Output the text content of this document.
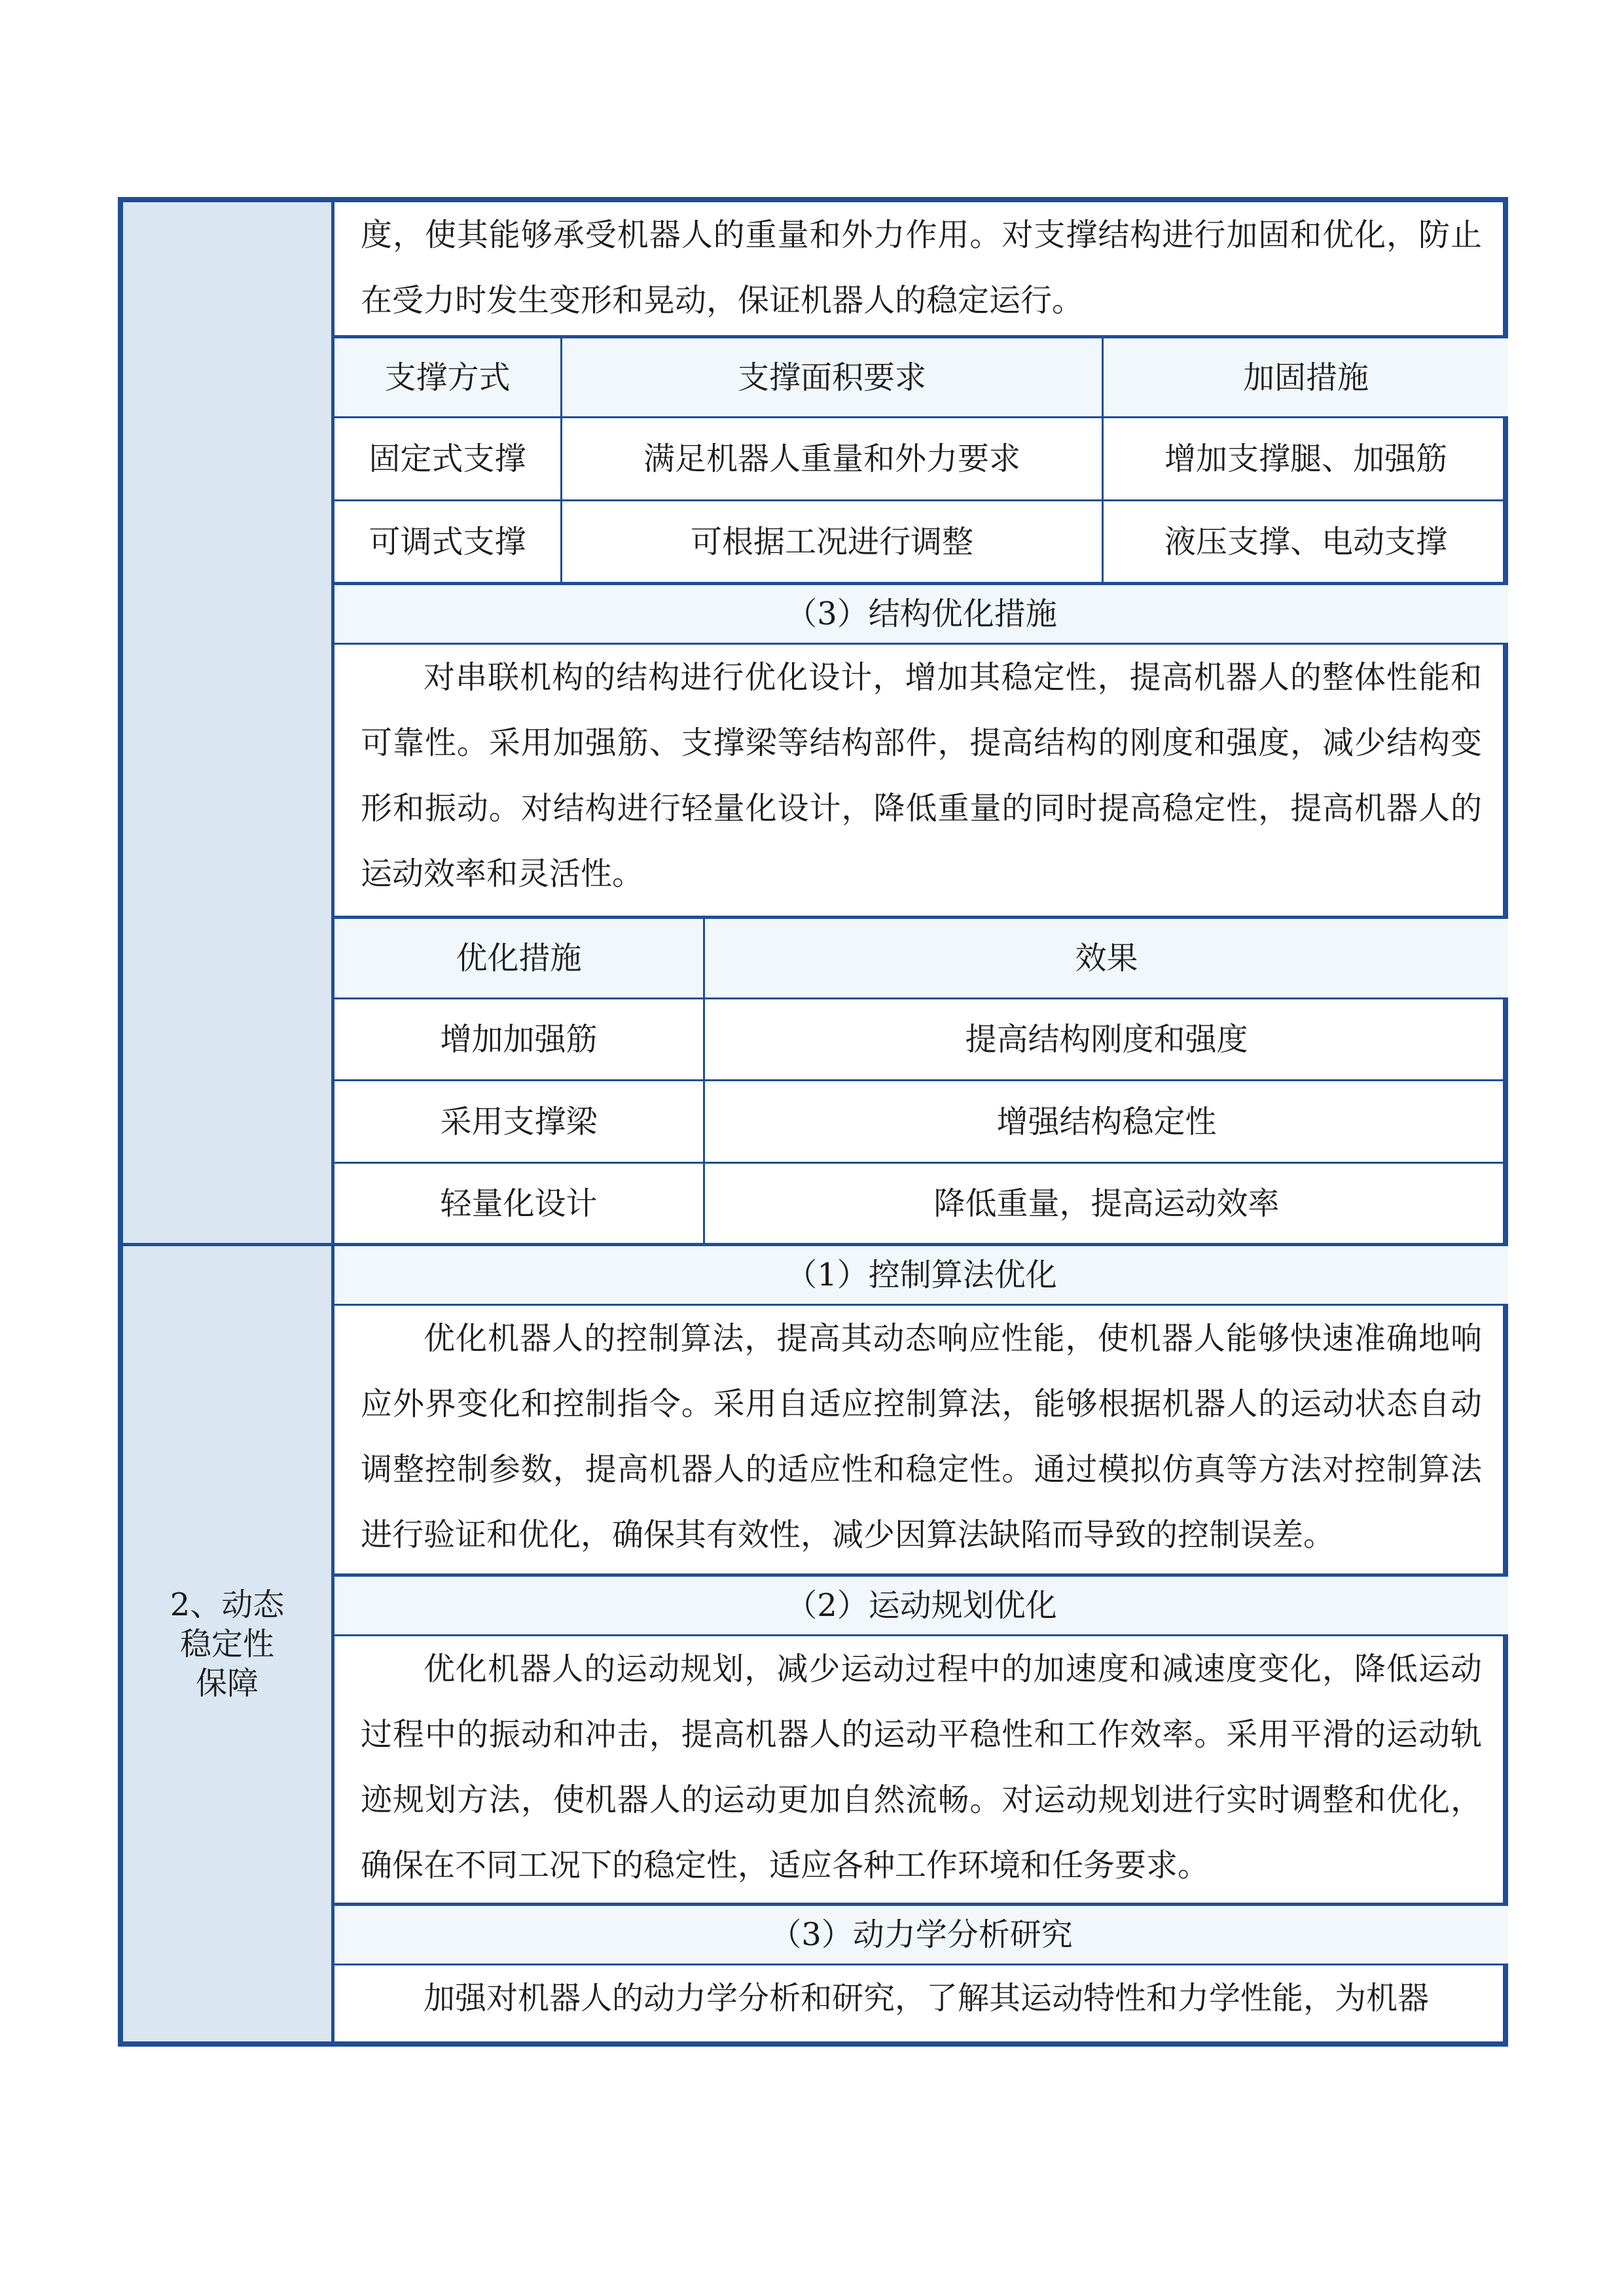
度，使其能够承受机器人的重量和外力作用。对支撑结构进行加固和优化，防止在受力时发生变形和晃动，保证机器人的稳定运行。

支撑方式	支撑面积要求	加固措施
固定式支撑	满足机器人重量和外力要求	增加支撑腿、加强筋
可调式支撑	可根据工况进行调整	液压支撑、电动支撑
（3）结构优化措施

对串联机构的结构进行优化设计，增加其稳定性，提高机器人的整体性能和可靠性。采用加强筋、支撑梁等结构部件，提高结构的刚度和强度，减少结构变形和振动。对结构进行轻量化设计，降低重量的同时提高稳定性，提高机器人的运动效率和灵活性。

优化措施	效果
增加加强筋	提高结构刚度和强度
采用支撑梁	增强结构稳定性
轻量化设计	降低重量，提高运动效率
2、动态稳定性保障
（1）控制算法优化

优化机器人的控制算法，提高其动态响应性能，使机器人能够快速准确地响应外界变化和控制指令。采用自适应控制算法，能够根据机器人的运动状态自动调整控制参数，提高机器人的适应性和稳定性。通过模拟仿真等方法对控制算法进行验证和优化，确保其有效性，减少因算法缺陷而导致的控制误差。

（2）运动规划优化

优化机器人的运动规划，减少运动过程中的加速度和减速度变化，降低运动过程中的振动和冲击，提高机器人的运动平稳性和工作效率。采用平滑的运动轨迹规划方法，使机器人的运动更加自然流畅。对运动规划进行实时调整和优化，确保在不同工况下的稳定性，适应各种工作环境和任务要求。

（3）动力学分析研究

加强对机器人的动力学分析和研究，了解其运动特性和力学性能，为机器
